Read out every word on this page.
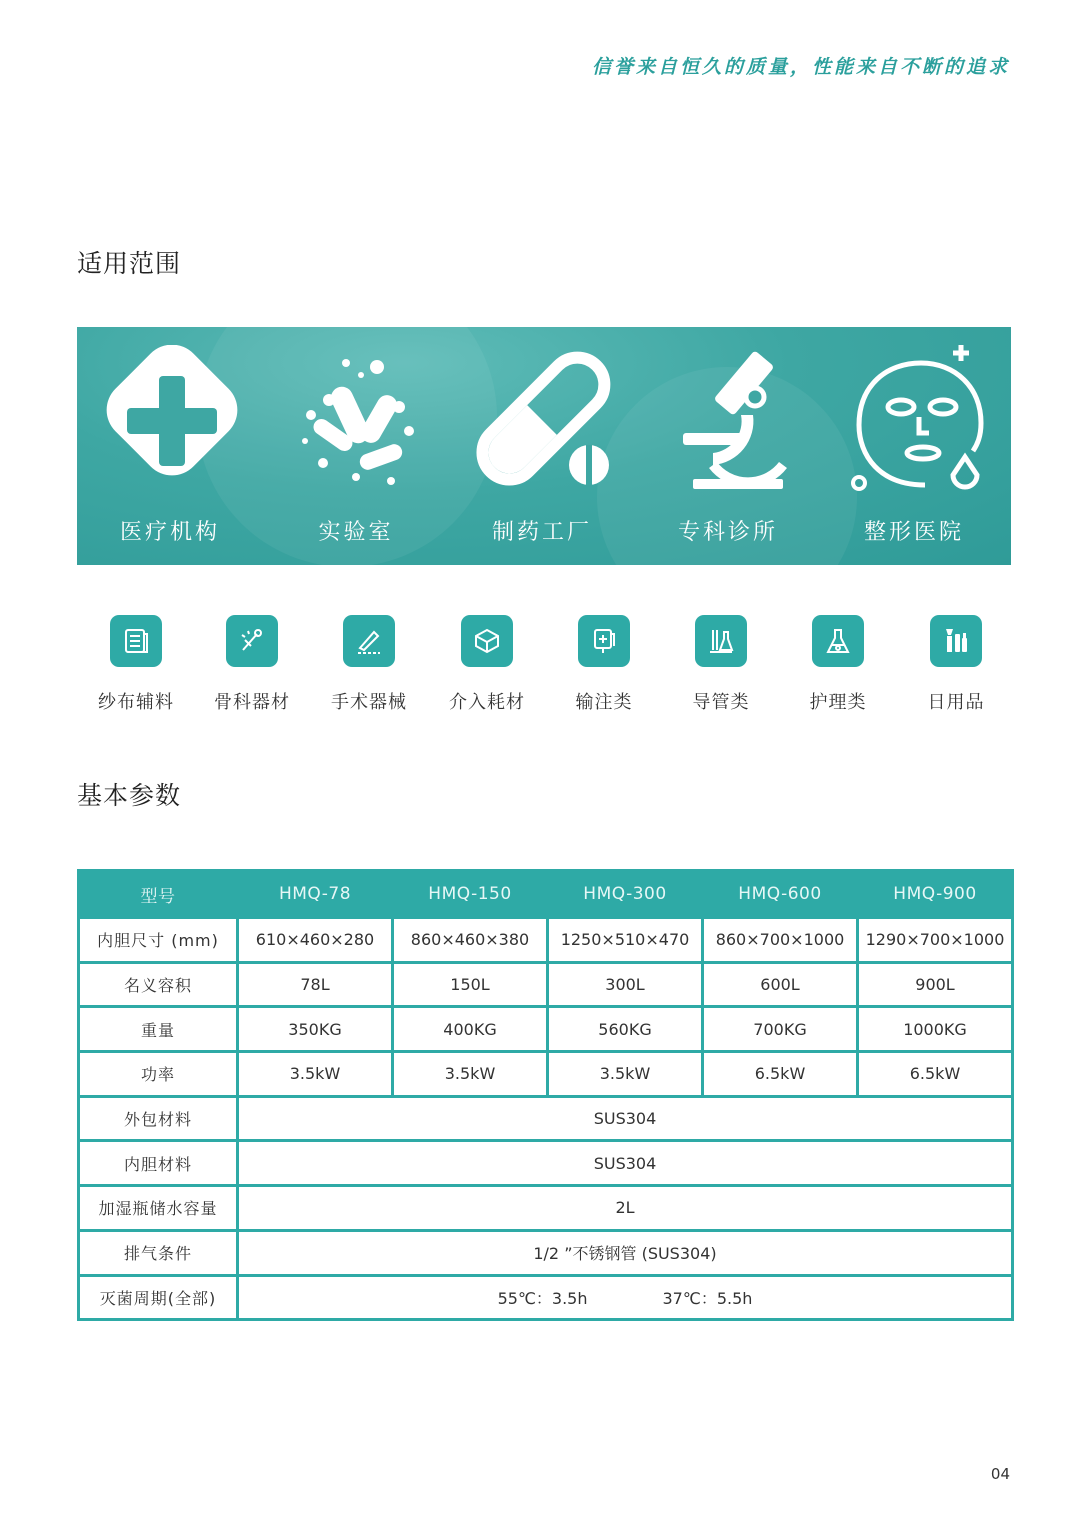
信誉来自恒久的质量，性能来自不断的追求
适用范围
医疗机构	实验室	制药工厂	专科诊所	整形医院
纱布辅料	骨科器材	手术器械	介入耗材	输注类	导管类	护理类	日用品
基本参数
型号	HMQ-78	HMQ-150	HMQ-300	HMQ-600	HMQ-900
内胆尺寸 (mm)	610×460×280	860×460×380	1250×510×470	860×700×1000	1290×700×1000
名义容积	78L	150L	300L	600L	900L
重量	350KG	400KG	560KG	700KG	1000KG
功率	3.5kW	3.5kW	3.5kW	6.5kW	6.5kW
外包材料	SUS304				
内胆材料	SUS304				
加湿瓶储水容量	2L				
排气条件	1/2 ”不锈钢管 (SUS304)				
灭菌周期(全部)	55℃：3.5h 37℃：5.5h				
04
